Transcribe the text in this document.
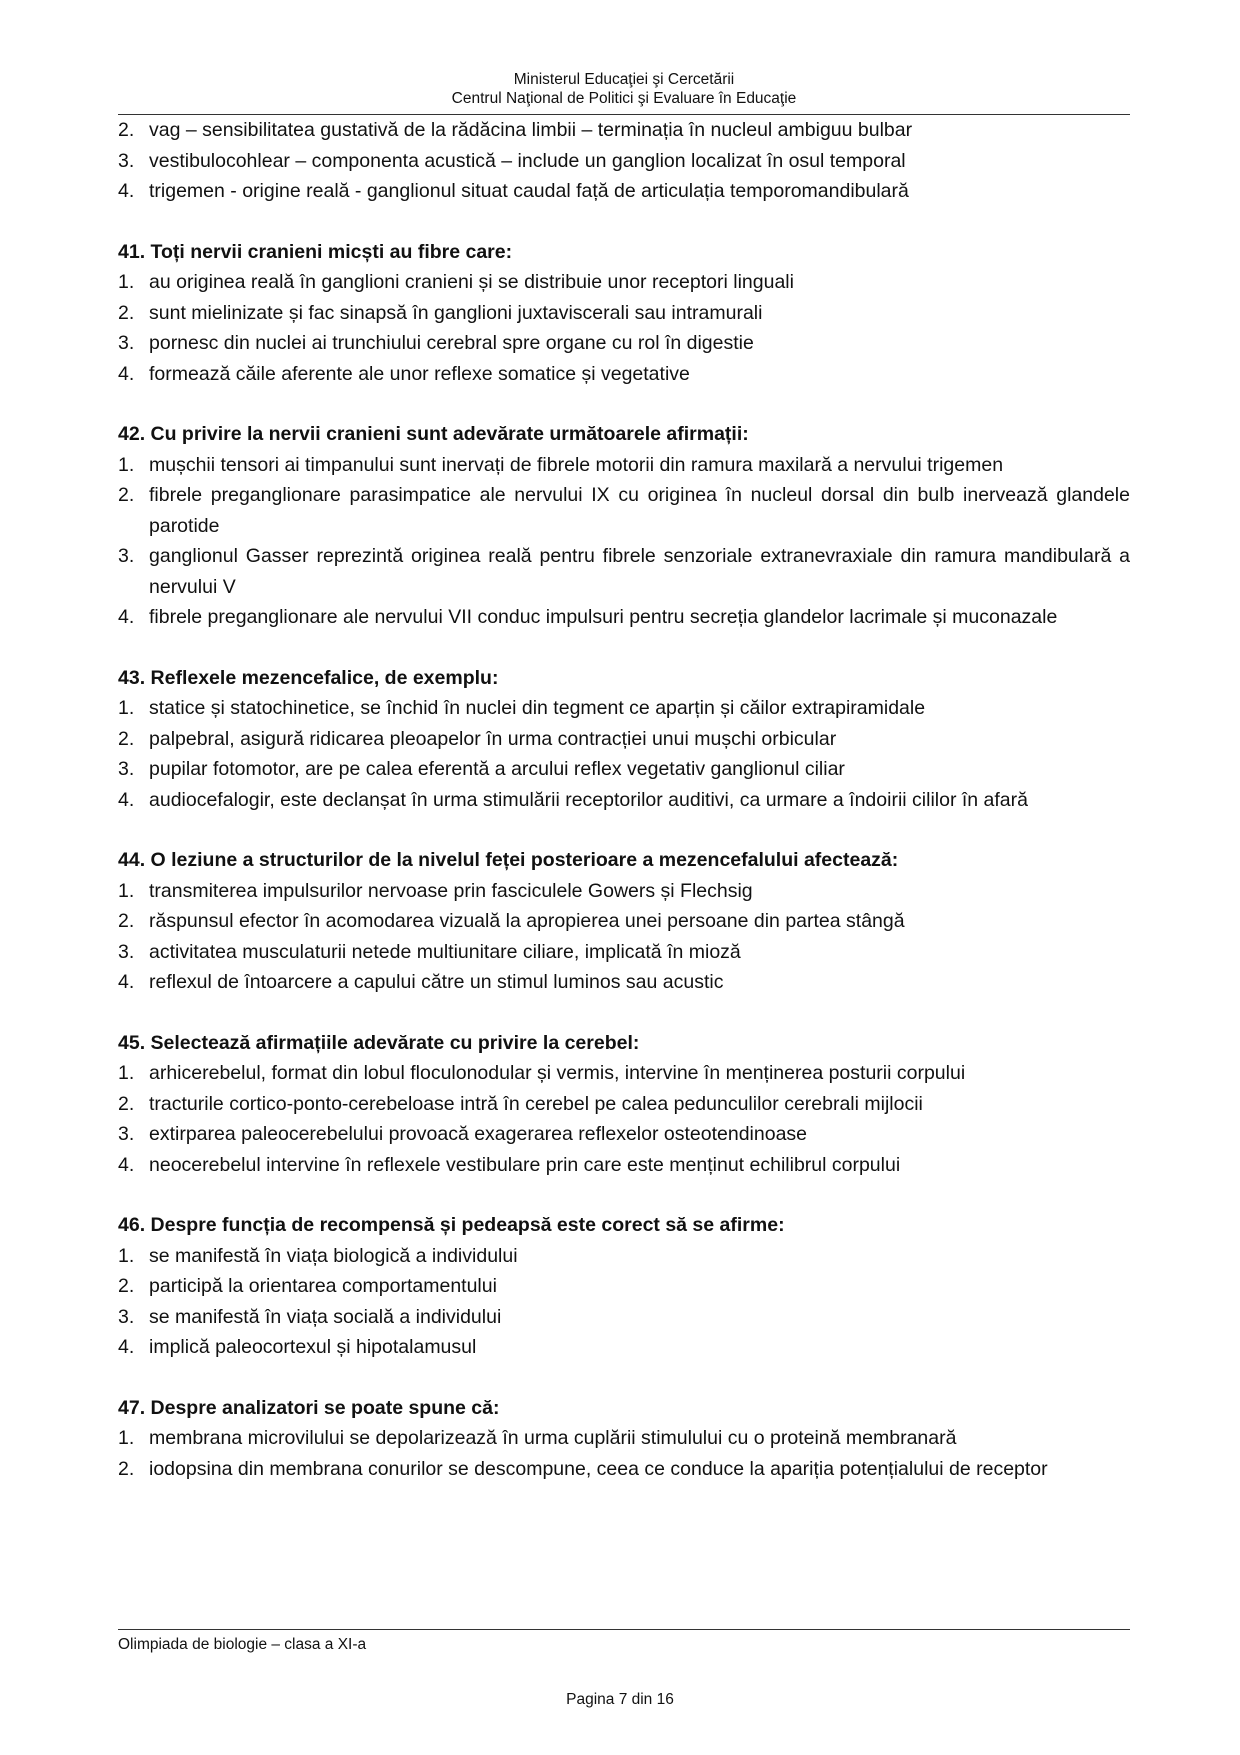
Ministerul Educaţiei şi Cercetării
Centrul Naţional de Politici şi Evaluare în Educaţie
2. vag – sensibilitatea gustativă de la rădăcina limbii – terminația în nucleul ambiguu bulbar
3. vestibulocohlear – componenta acustică – include un ganglion localizat în osul temporal
4. trigemen - origine reală - ganglionul situat caudal față de articulația temporomandibulară
41. Toți nervii cranieni micști au fibre care:
1. au originea reală în ganglioni cranieni și se distribuie unor receptori linguali
2. sunt mielinizate și fac sinapsă în ganglioni juxtaviscerali sau intramurali
3. pornesc din nuclei ai trunchiului cerebral spre organe cu rol în digestie
4. formează căile aferente ale unor reflexe somatice și vegetative
42. Cu privire la nervii cranieni sunt adevărate următoarele afirmații:
1. mușchii tensori ai timpanului sunt inervați de fibrele motorii din ramura maxilară a nervului trigemen
2. fibrele preganglionare parasimpatice ale nervului IX cu originea în nucleul dorsal din bulb inervează glandele parotide
3. ganglionul Gasser reprezintă originea reală pentru fibrele senzoriale extranevraxiale din ramura mandibulară a nervului V
4. fibrele preganglionare ale nervului VII conduc impulsuri pentru secreția glandelor lacrimale și muconazale
43. Reflexele mezencefalice, de exemplu:
1. statice și statochinetice, se închid în nuclei din tegment ce aparțin și căilor extrapiramidale
2. palpebral, asigură ridicarea pleoapelor în urma contracției unui mușchi orbicular
3. pupilar fotomotor, are pe calea eferentă a arcului reflex vegetativ ganglionul ciliar
4. audiocefalogir, este declanșat în urma stimulării receptorilor auditivi, ca urmare a îndoirii cililor în afară
44. O leziune a structurilor de la nivelul feței posterioare a mezencefalului afectează:
1. transmiterea impulsurilor nervoase prin fasciculele Gowers și Flechsig
2. răspunsul efector în acomodarea vizuală la apropierea unei persoane din partea stângă
3. activitatea musculaturii netede multiunitare ciliare, implicată în mioză
4. reflexul de întoarcere a capului către un stimul luminos sau acustic
45. Selectează afirmațiile adevărate cu privire la cerebel:
1. arhicerebelul, format din lobul floculonodular și vermis, intervine în menținerea posturii corpului
2. tracturile cortico-ponto-cerebeloase intră în cerebel pe calea pedunculilor cerebrali mijlocii
3. extirparea paleocerebelului provoacă exagerarea reflexelor osteotendinoase
4. neocerebelul intervine în reflexele vestibulare prin care este menținut echilibrul corpului
46. Despre funcția de recompensă și pedeapsă este corect să se afirme:
1. se manifestă în viața biologică a individului
2. participă la orientarea comportamentului
3. se manifestă în viața socială a individului
4. implică paleocortexul și hipotalamusul
47. Despre analizatori se poate spune că:
1. membrana microvilului se depolarizează în urma cuplării stimulului cu o proteină membranară
2. iodopsina din membrana conurilor se descompune, ceea ce conduce la apariția potențialului de receptor
Olimpiada de biologie – clasa a XI-a
Pagina 7 din 16
